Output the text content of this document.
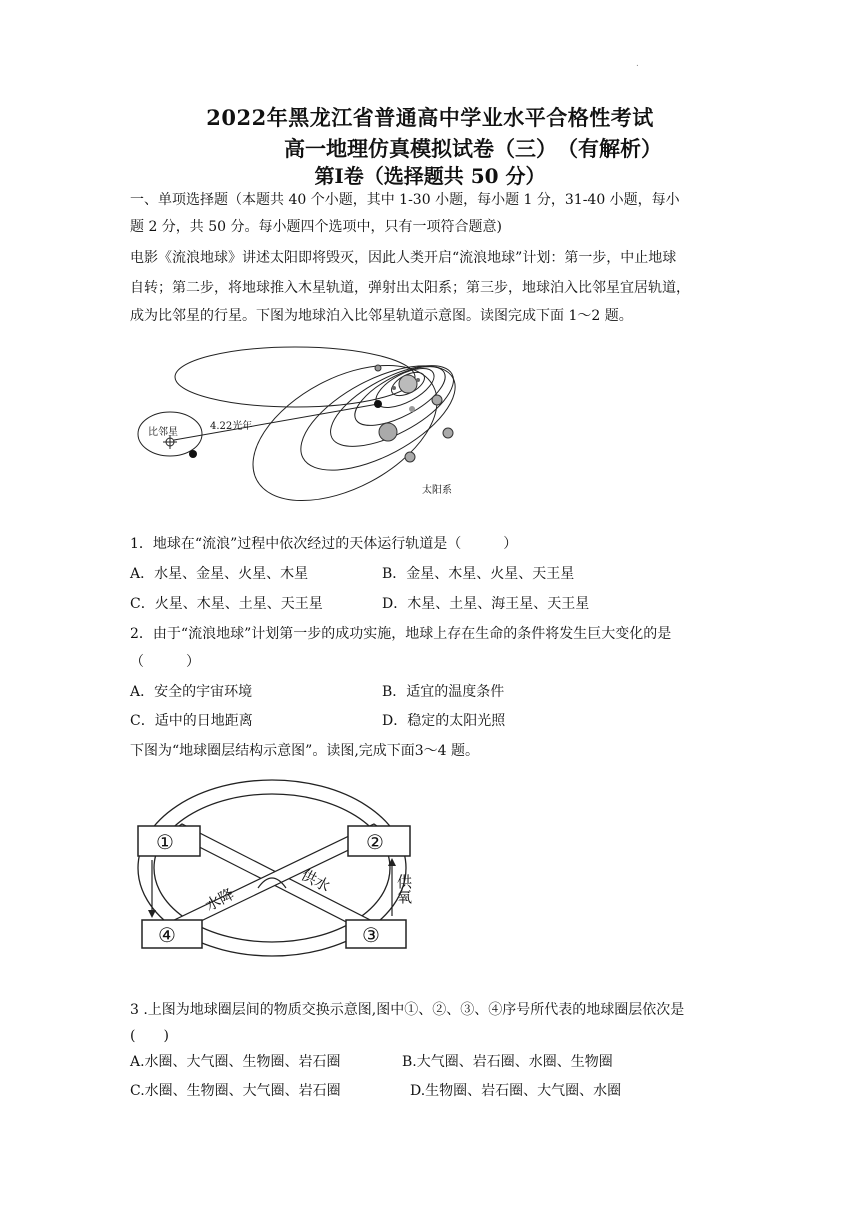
.
2022年黑龙江省普通高中学业水平合格性考试
高一地理仿真模拟试卷（三）　（有解析）
第Ⅰ卷（选择题共 50 分）
一、单项选择题（本题共 40 个小题，其中 1-30 小题，每小题 1 分，31-40 小题，每小
题 2 分，共 50 分。每小题四个选项中，只有一项符合题意)
电影《流浪地球》讲述太阳即将毁灭，因此人类开启“流浪地球”计划：第一步，中止地球
自转；第二步，将地球推入木星轨道，弹射出太阳系；第三步，地球泊入比邻星宜居轨道，
成为比邻星的行星。下图为地球泊入比邻星轨道示意图。读图完成下面 1～2 题。
比邻星
4.22光年
太阳系
1．地球在“流浪”过程中依次经过的天体运行轨道是（　　　）
A．水星、金星、火星、木星	B．金星、木星、火星、天王星
C．火星、木星、土星、天王星	D．木星、土星、海王星、天王星
2．由于“流浪地球”计划第一步的成功实施，地球上存在生命的条件将发生巨大变化的是
（　　　）
A．安全的宇宙环境	B．适宜的温度条件
C．适中的日地距离	D．稳定的太阳光照
下图为“地球圈层结构示意图”。读图,完成下面3～4 题。
①	②
③
④
水降
供水	供氧
3 .上图为地球圈层间的物质交换示意图,图中①、②、③、④序号所代表的地球圈层依次是
(　　)
A.水圈、大气圈、生物圈、岩石圈	B.大气圈、岩石圈、水圈、生物圈
C.水圈、生物圈、大气圈、岩石圈	D.生物圈、岩石圈、大气圈、水圈
